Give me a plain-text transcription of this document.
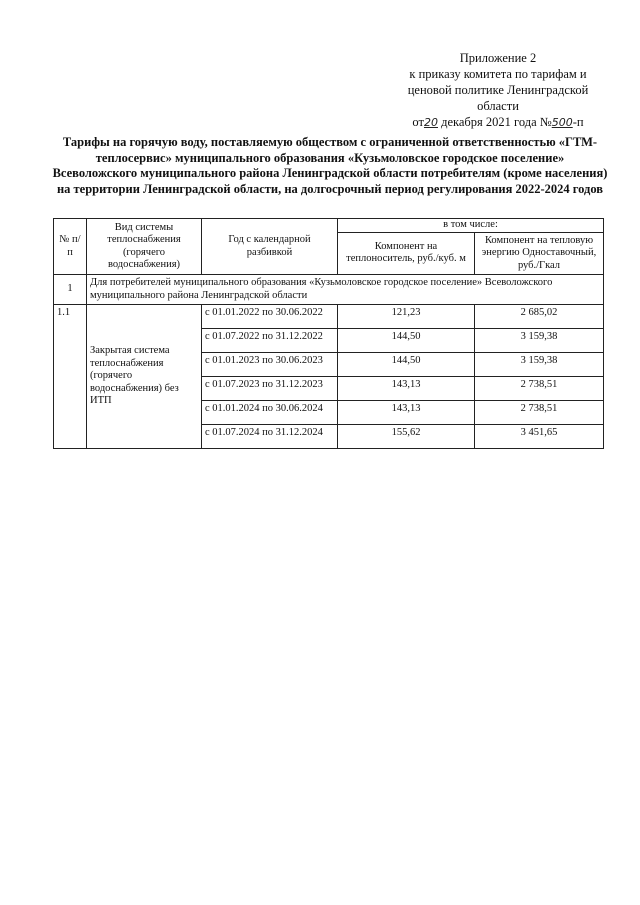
Приложение 2
к приказу комитета по тарифам и
ценовой политике Ленинградской
области
от20 декабря 2021 года №500-п
Тарифы на горячую воду, поставляемую обществом с ограниченной ответственностью «ГТМ-теплосервис» муниципального образования «Кузьмоловское городское поселение» Всеволожского муниципального района Ленинградской области потребителям (кроме населения) на территории Ленинградской области, на долгосрочный период регулирования 2022-2024 годов
№ п/п	Вид системы теплоснабжения (горячего водоснабжения)	Год с календарной разбивкой	в том числе:	
			Компонент на теплоноситель, руб./куб. м	Компонент на тепловую энергию Одноставочный, руб./Гкал
1	Для потребителей муниципального образования «Кузьмоловское городское поселение» Всеволожского муниципального района Ленинградской области			
1.1	Закрытая система теплоснабжения (горячего водоснабжения) без ИТП	с 01.01.2022 по 30.06.2022	121,23	2 685,02
		с 01.07.2022 по 31.12.2022	144,50	3 159,38
		с 01.01.2023 по 30.06.2023	144,50	3 159,38
		с 01.07.2023 по 31.12.2023	143,13	2 738,51
		с 01.01.2024 по 30.06.2024	143,13	2 738,51
		с 01.07.2024 по 31.12.2024	155,62	3 451,65
